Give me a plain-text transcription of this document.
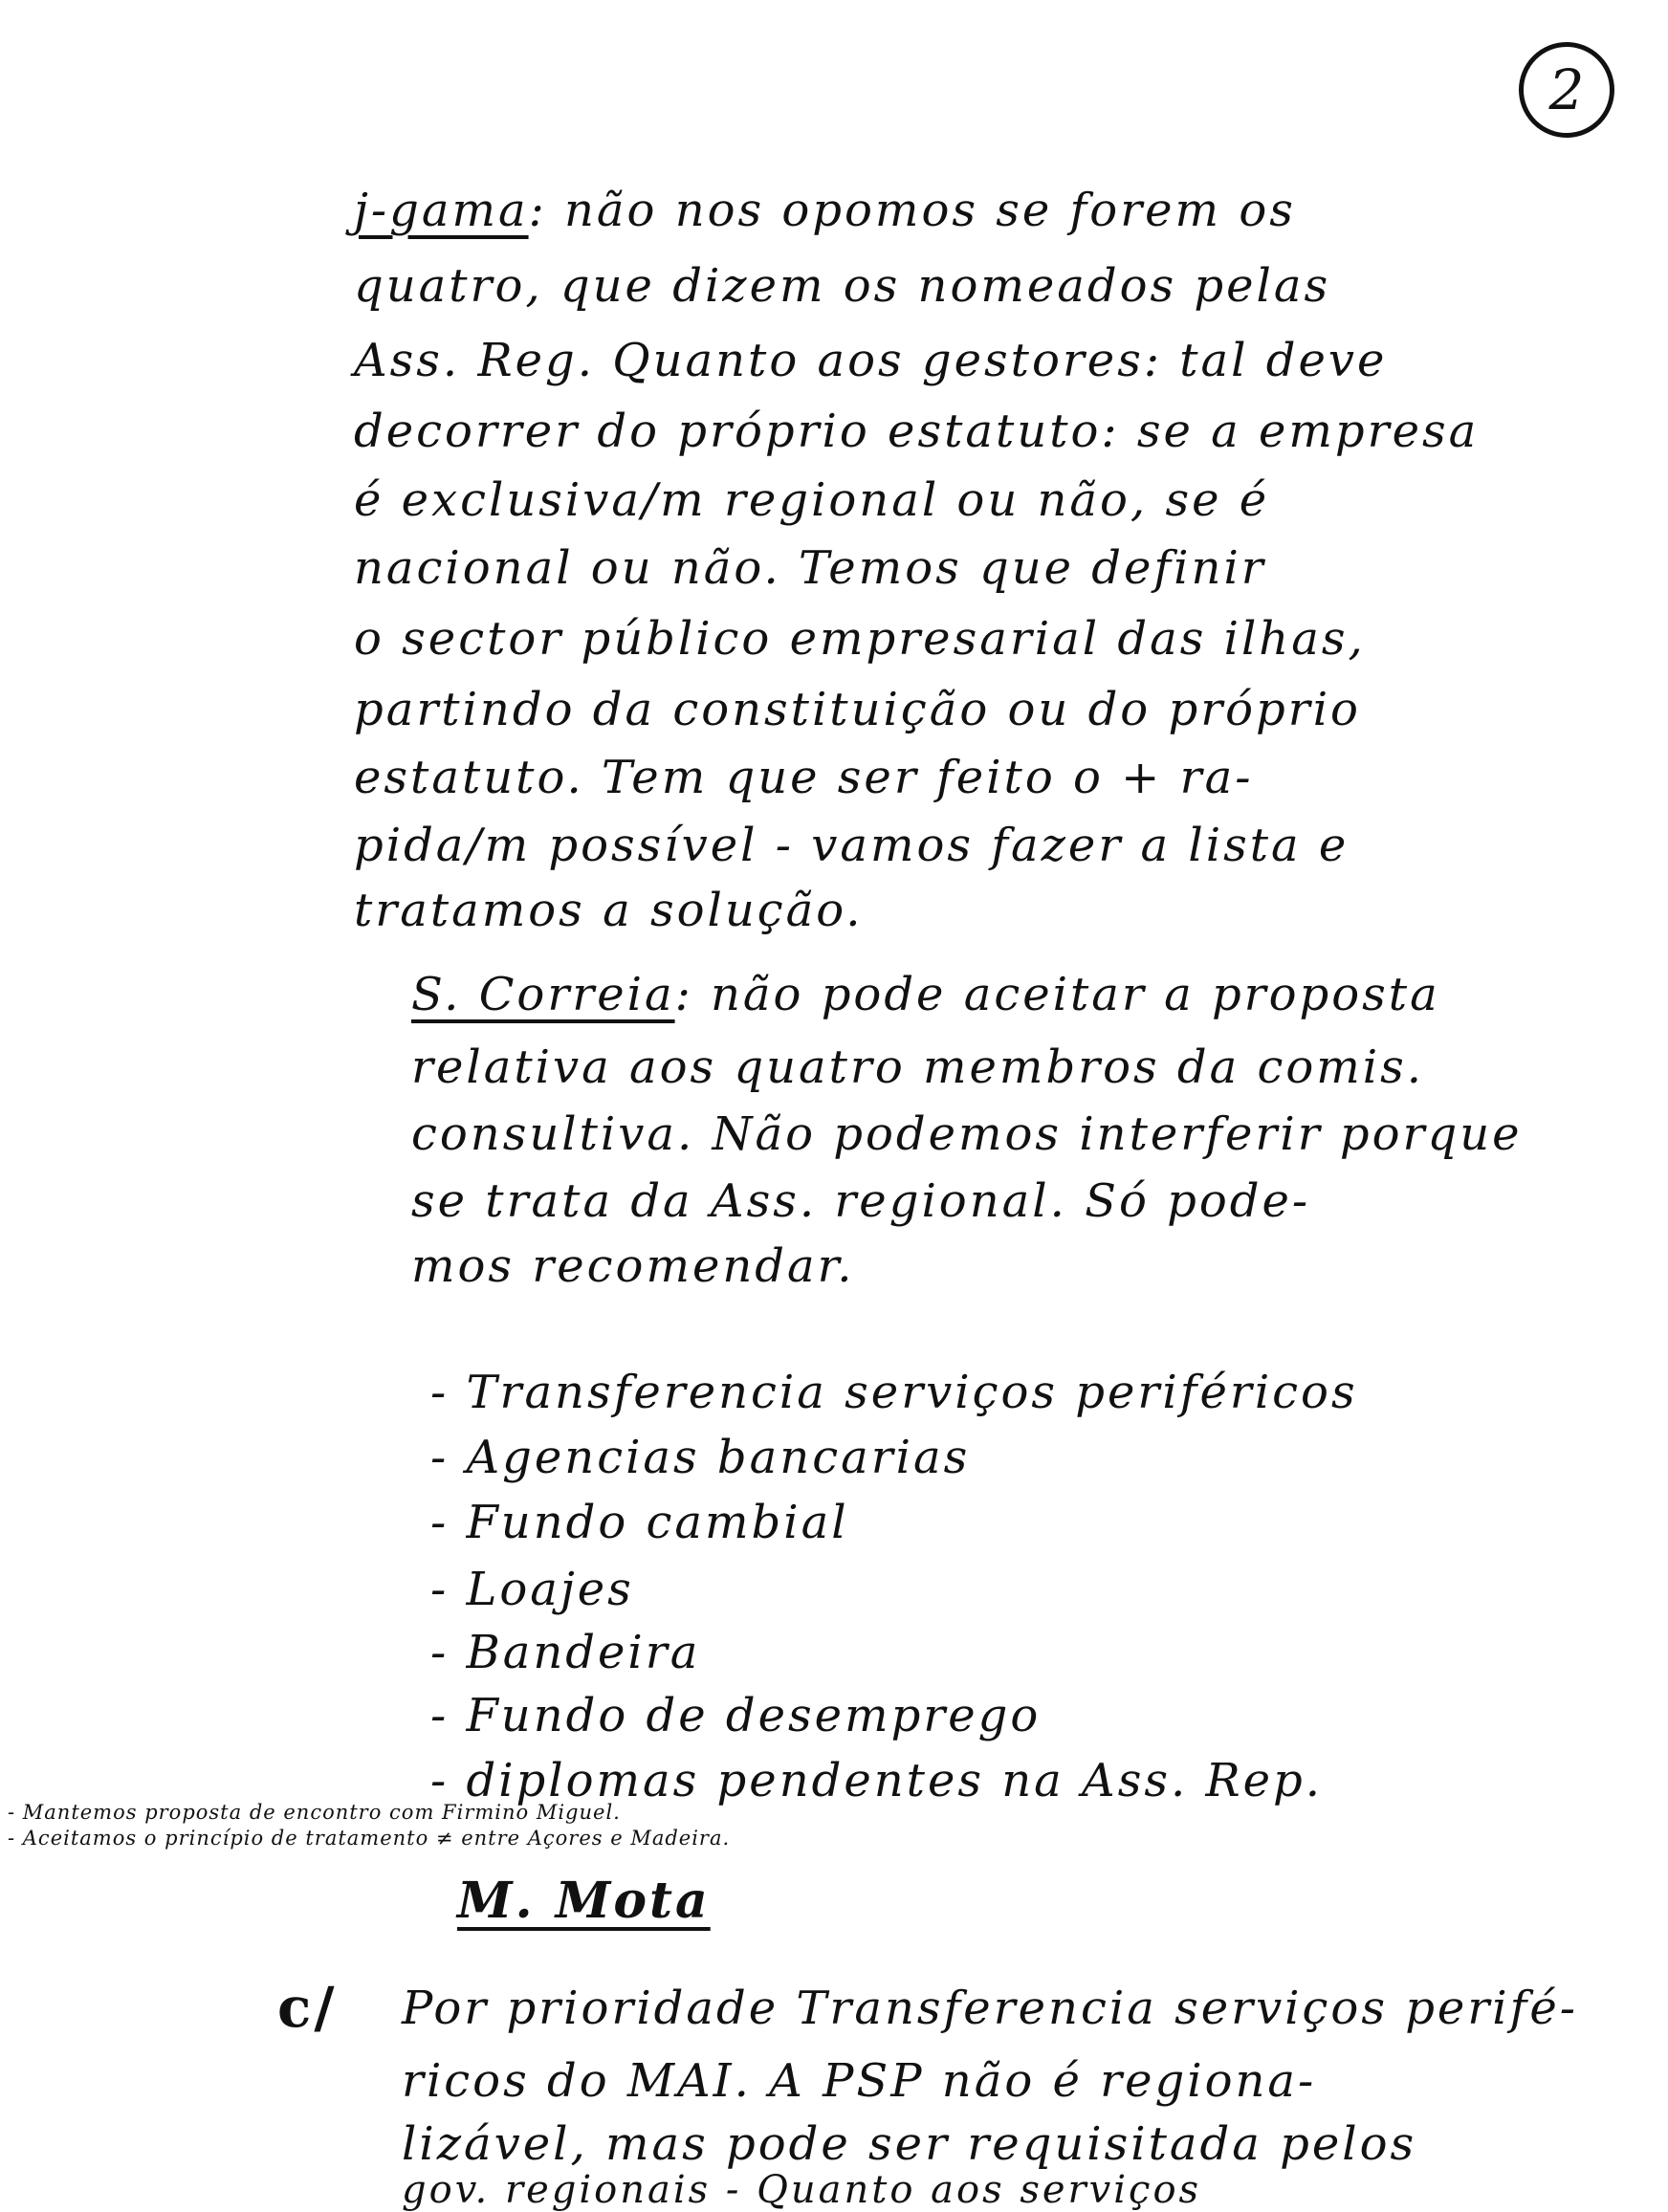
2
j-gama: não nos opomos se forem os
quatro, que dizem os nomeados pelas
Ass. Reg. Quanto aos gestores: tal deve
decorrer do próprio estatuto: se a empresa
é exclusiva/m regional ou não, se é
nacional ou não. Temos que definir
o sector público empresarial das ilhas,
partindo da constituição ou do próprio
estatuto. Tem que ser feito o + ra-
pida/m possível - vamos fazer a lista e
tratamos a solução.
S. Correia: não pode aceitar a proposta
relativa aos quatro membros da comis.
consultiva. Não podemos interferir porque
se trata da Ass. regional. Só pode-
mos recomendar.
- Transferencia serviços periféricos
- Agencias bancarias
- Fundo cambial
- Loajes
- Bandeira
- Fundo de desemprego
- diplomas pendentes na Ass. Rep.
- Mantemos proposta de encontro com Firmino Miguel.
- Aceitamos o princípio de tratamento ≠ entre Açores e Madeira.
M. Mota
c/ Por prioridade Transferencia serviços perifé-
ricos do MAI. A PSP não é regiona-
lizável, mas pode ser requisitada pelos
gov. regionais - Quanto aos serviços
